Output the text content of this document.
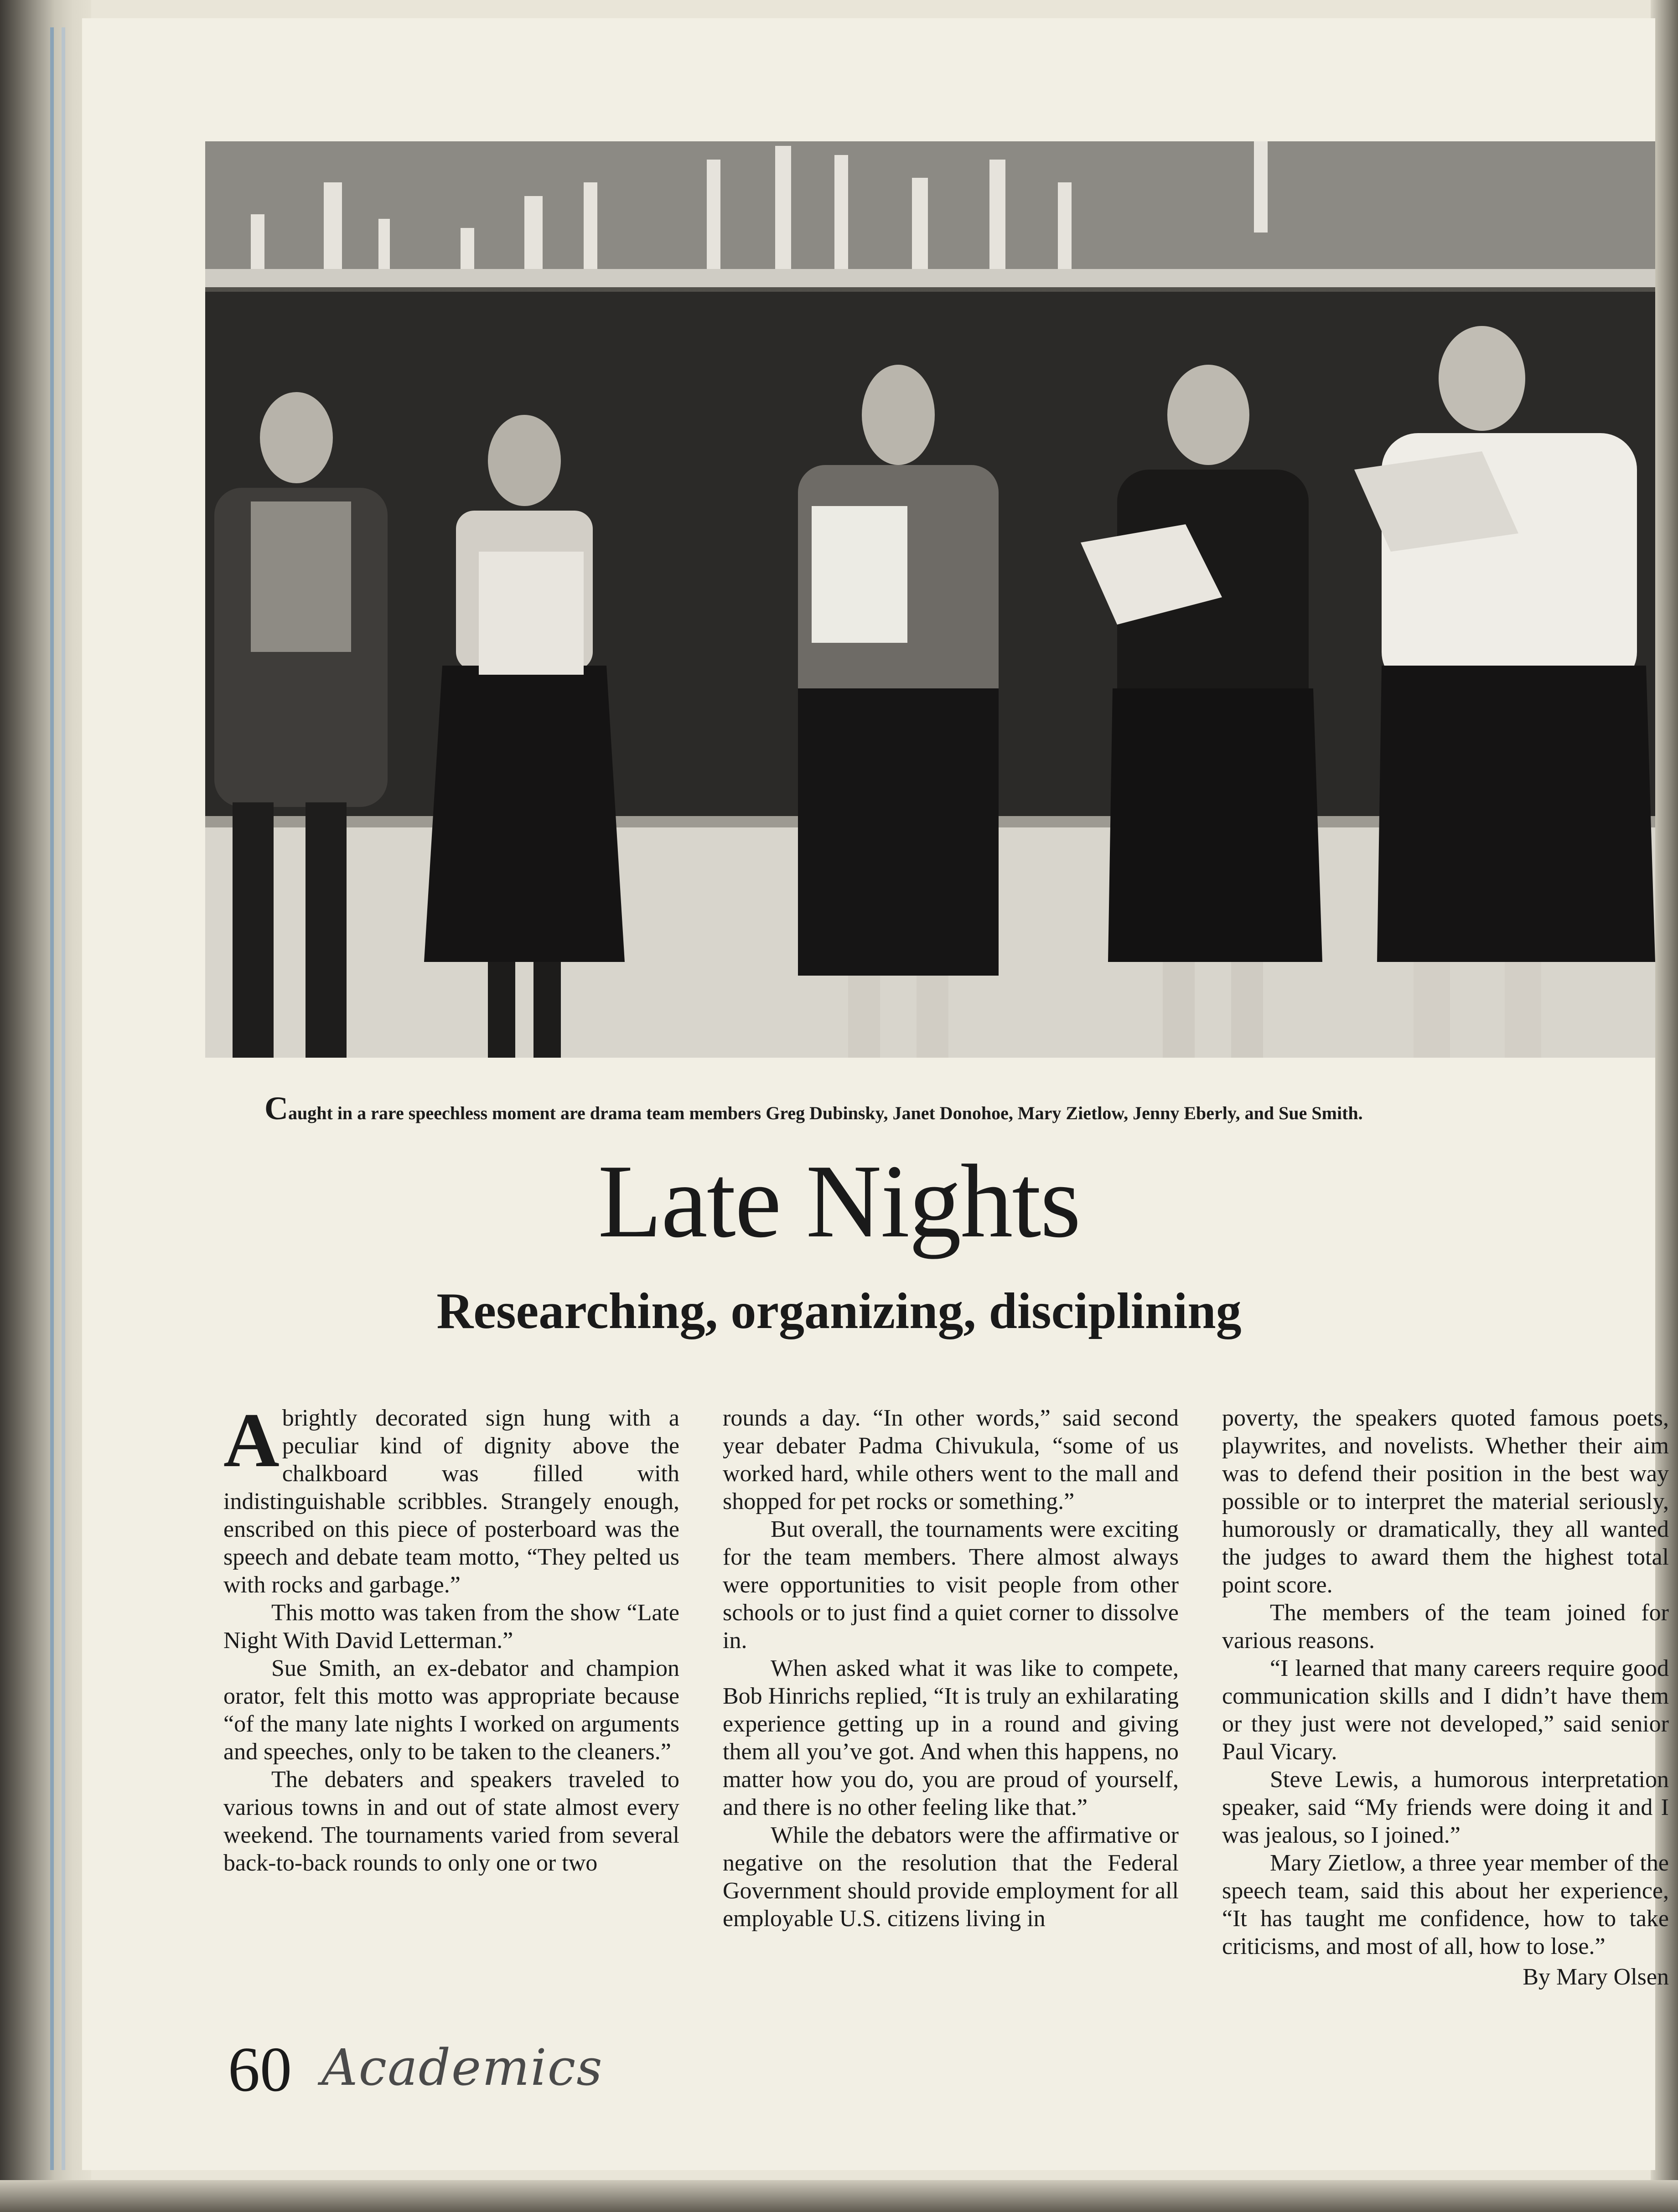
Caught in a rare speechless moment are drama team members Greg Dubinsky, Janet Donohoe, Mary Zietlow, Jenny Eberly, and Sue Smith.
Late Nights
Researching, organizing, disciplining

Abrightly decorated sign hung with a peculiar kind of dignity above the chalkboard was filled with indistinguishable scribbles. Strangely enough, enscribed on this piece of posterboard was the speech and debate team motto, “They pelted us with rocks and garbage.”

This motto was taken from the show “Late Night With David Letterman.”

Sue Smith, an ex-debator and champion orator, felt this motto was appropriate because “of the many late nights I worked on arguments and speeches, only to be taken to the cleaners.”

The debaters and speakers traveled to various towns in and out of state almost every weekend. The tournaments varied from several back-to-back rounds to only one or two

rounds a day. “In other words,” said second year debater Padma Chivukula, “some of us worked hard, while others went to the mall and shopped for pet rocks or something.”

But overall, the tournaments were exciting for the team members. There almost always were opportunities to visit people from other schools or to just find a quiet corner to dissolve in.

When asked what it was like to compete, Bob Hinrichs replied, “It is truly an exhilarating experience getting up in a round and giving them all you’ve got. And when this happens, no matter how you do, you are proud of yourself, and there is no other feeling like that.”

While the debators were the affirmative or negative on the resolution that the Federal Government should provide employment for all employable U.S. citizens living in

poverty, the speakers quoted famous poets, playwrites, and novelists. Whether their aim was to defend their position in the best way possible or to interpret the material seriously, humorously or dramatically, they all wanted the judges to award them the highest total point score.

The members of the team joined for various reasons.

“I learned that many careers require good communication skills and I didn’t have them or they just were not developed,” said senior Paul Vicary.

Steve Lewis, a humorous interpretation speaker, said “My friends were doing it and I was jealous, so I joined.”

Mary Zietlow, a three year member of the speech team, said this about her experience, “It has taught me confidence, how to take criticisms, and most of all, how to lose.”

By Mary Olsen

60 Academics
